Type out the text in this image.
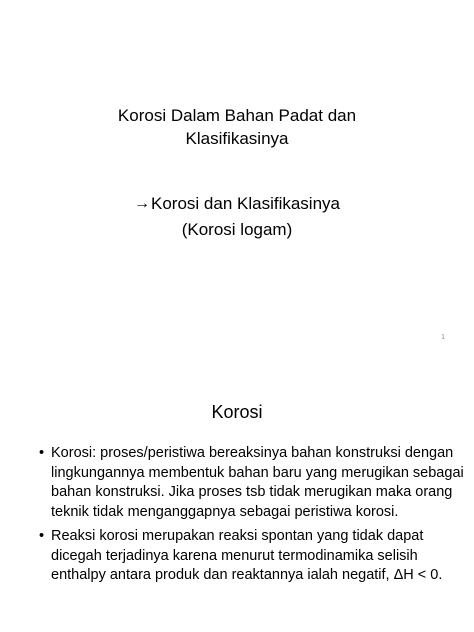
Korosi Dalam Bahan Padat dan
Klasifikasinya
→Korosi dan Klasifikasinya
(Korosi logam)
1
Korosi
• Korosi: proses/peristiwa bereaksinya bahan konstruksi dengan lingkungannya membentuk bahan baru yang merugikan sebagai bahan konstruksi. Jika proses tsb tidak merugikan maka orang teknik tidak menganggapnya sebagai peristiwa korosi.
• Reaksi korosi merupakan reaksi spontan yang tidak dapat dicegah terjadinya karena menurut termodinamika selisih enthalpy antara produk dan reaktannya ialah negatif, ΔH < 0.
